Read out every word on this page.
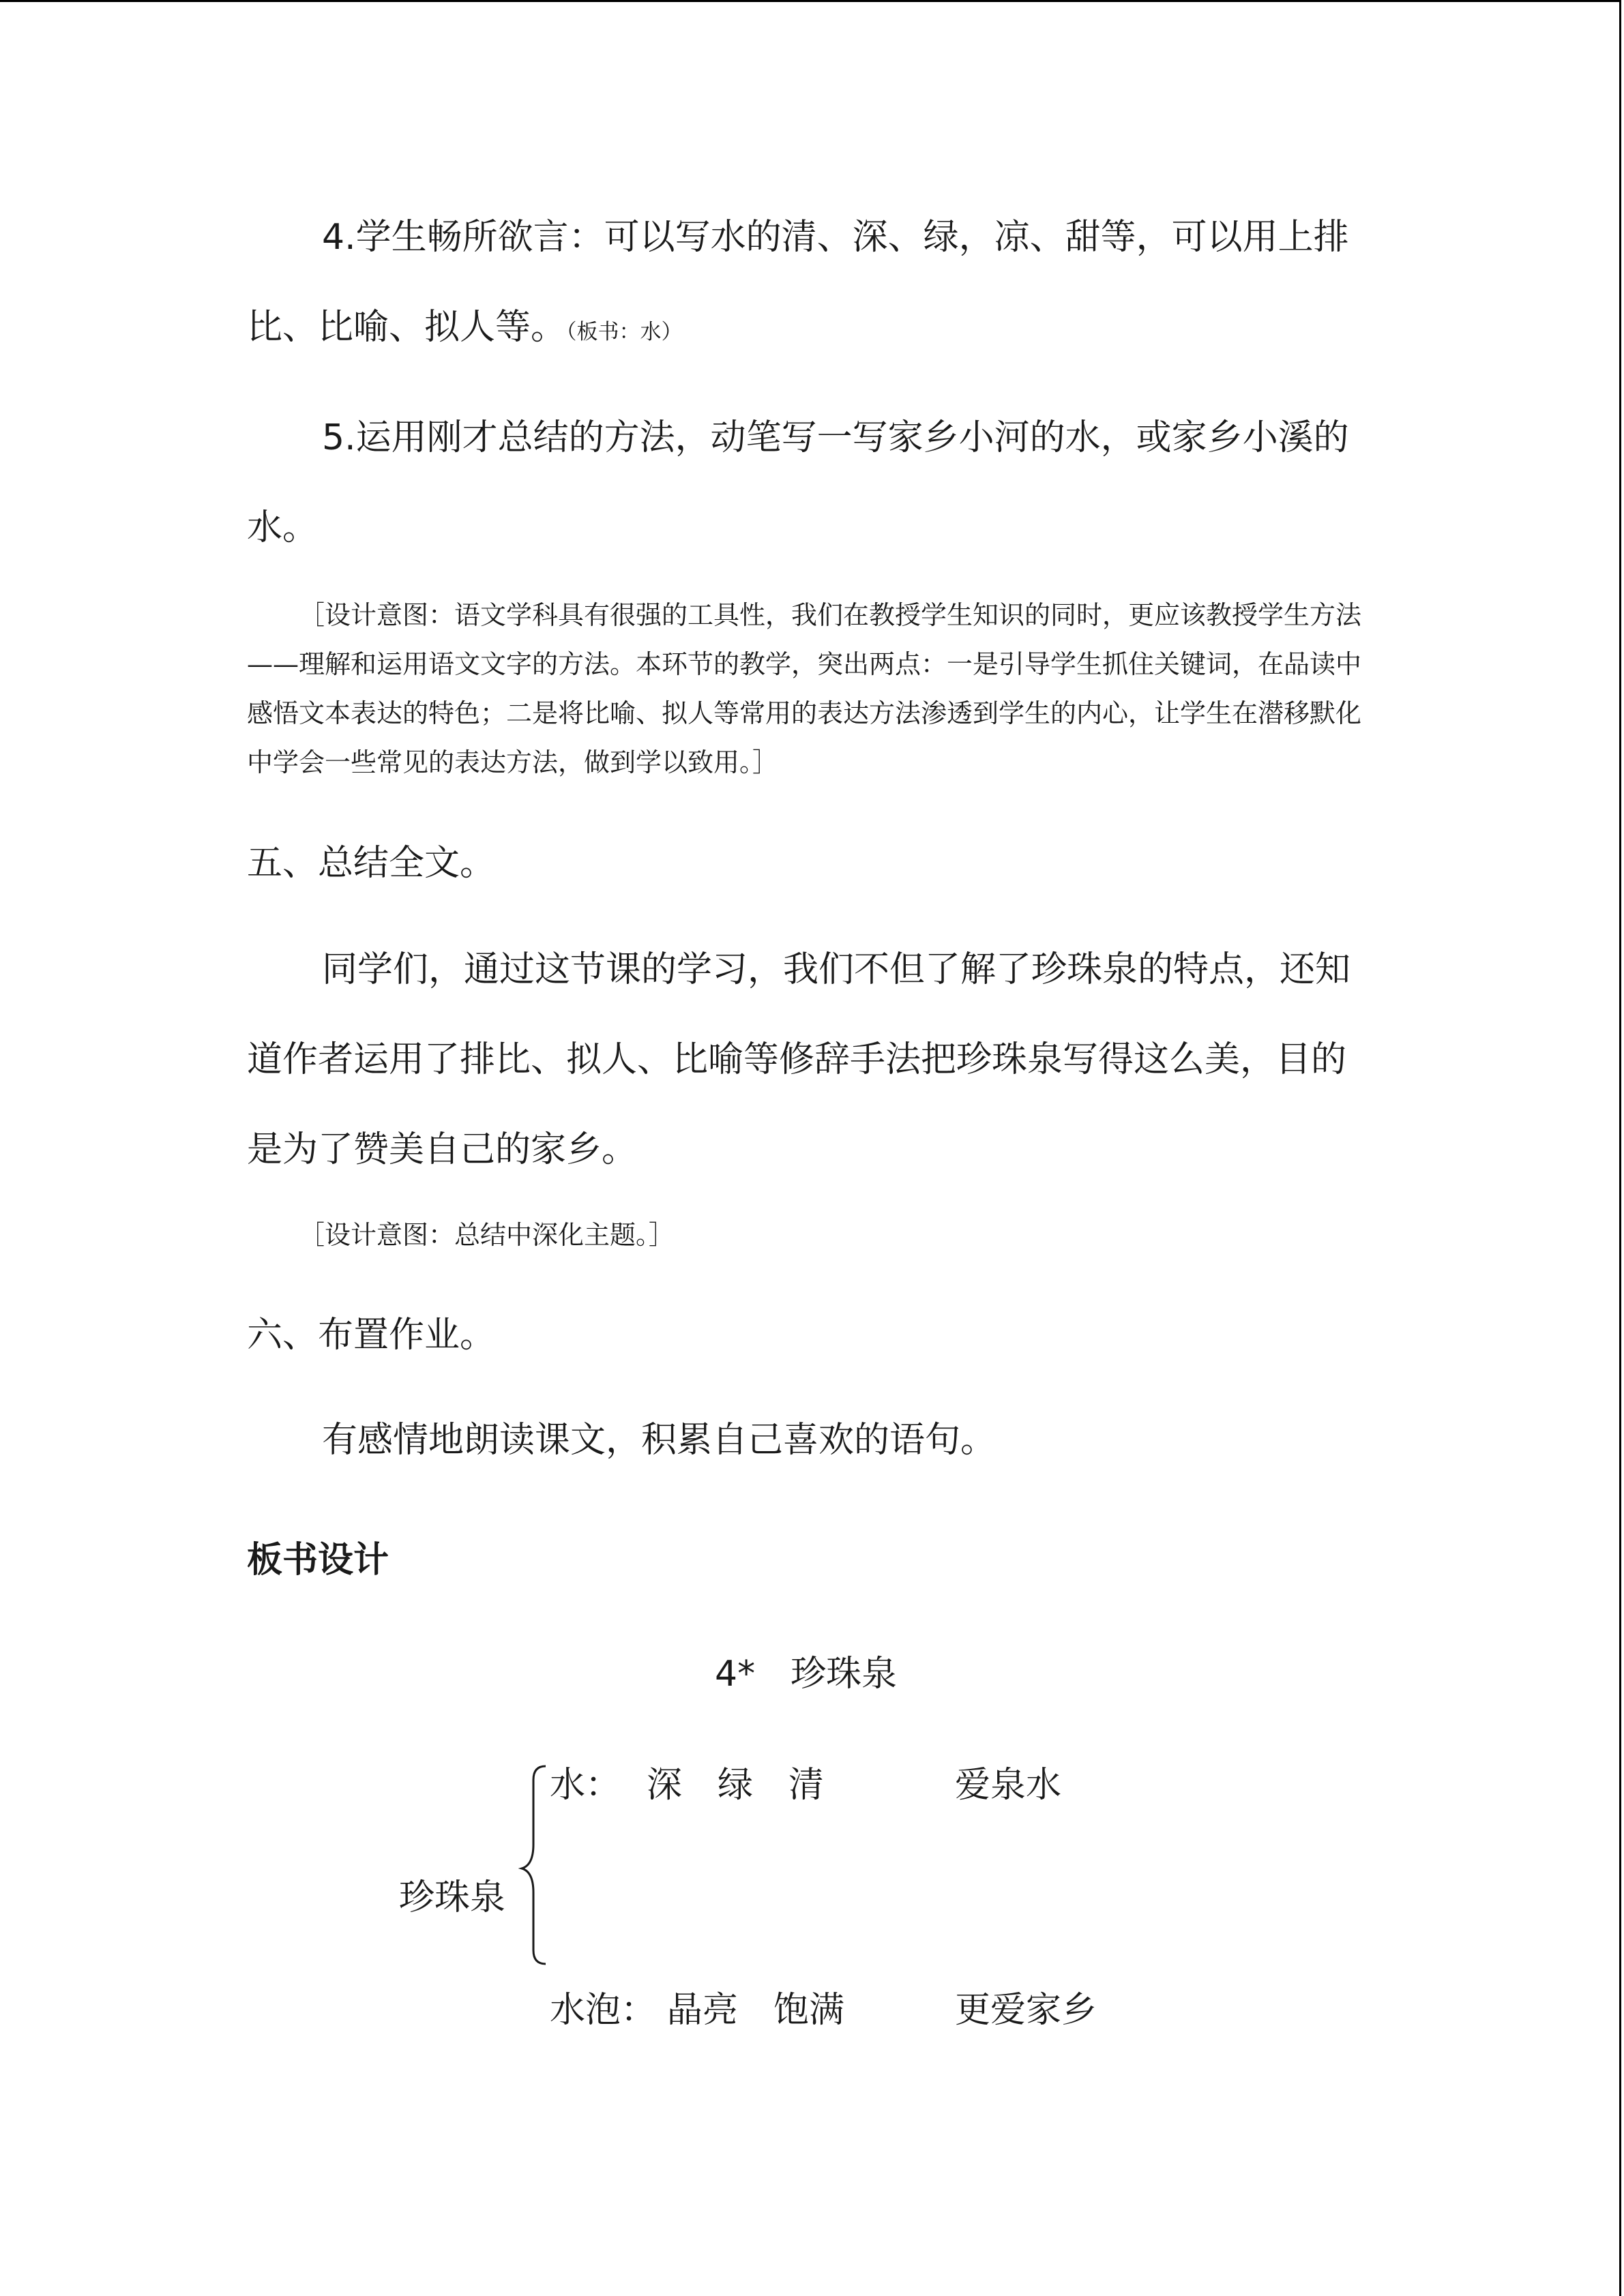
4.学生畅所欲言：可以写水的清、深、绿，凉、甜等，可以用上排比、比喻、拟人等。（板书：水）

5.运用刚才总结的方法，动笔写一写家乡小河的水，或家乡小溪的水。

［设计意图：语文学科具有很强的工具性，我们在教授学生知识的同时，更应该教授学生方法——理解和运用语文文字的方法。本环节的教学，突出两点：一是引导学生抓住关键词，在品读中感悟文本表达的特色；二是将比喻、拟人等常用的表达方法渗透到学生的内心，让学生在潜移默化中学会一些常见的表达方法，做到学以致用。］

五、总结全文。

同学们，通过这节课的学习，我们不但了解了珍珠泉的特点，还知道作者运用了排比、拟人、比喻等修辞手法把珍珠泉写得这么美，目的是为了赞美自己的家乡。

［设计意图：总结中深化主题。］

六、布置作业。

有感情地朗读课文，积累自己喜欢的语句。

板书设计

4*　珍珠泉
珍珠泉
水： 深　绿　清	爱泉水
水泡： 晶亮　饱满	更爱家乡
